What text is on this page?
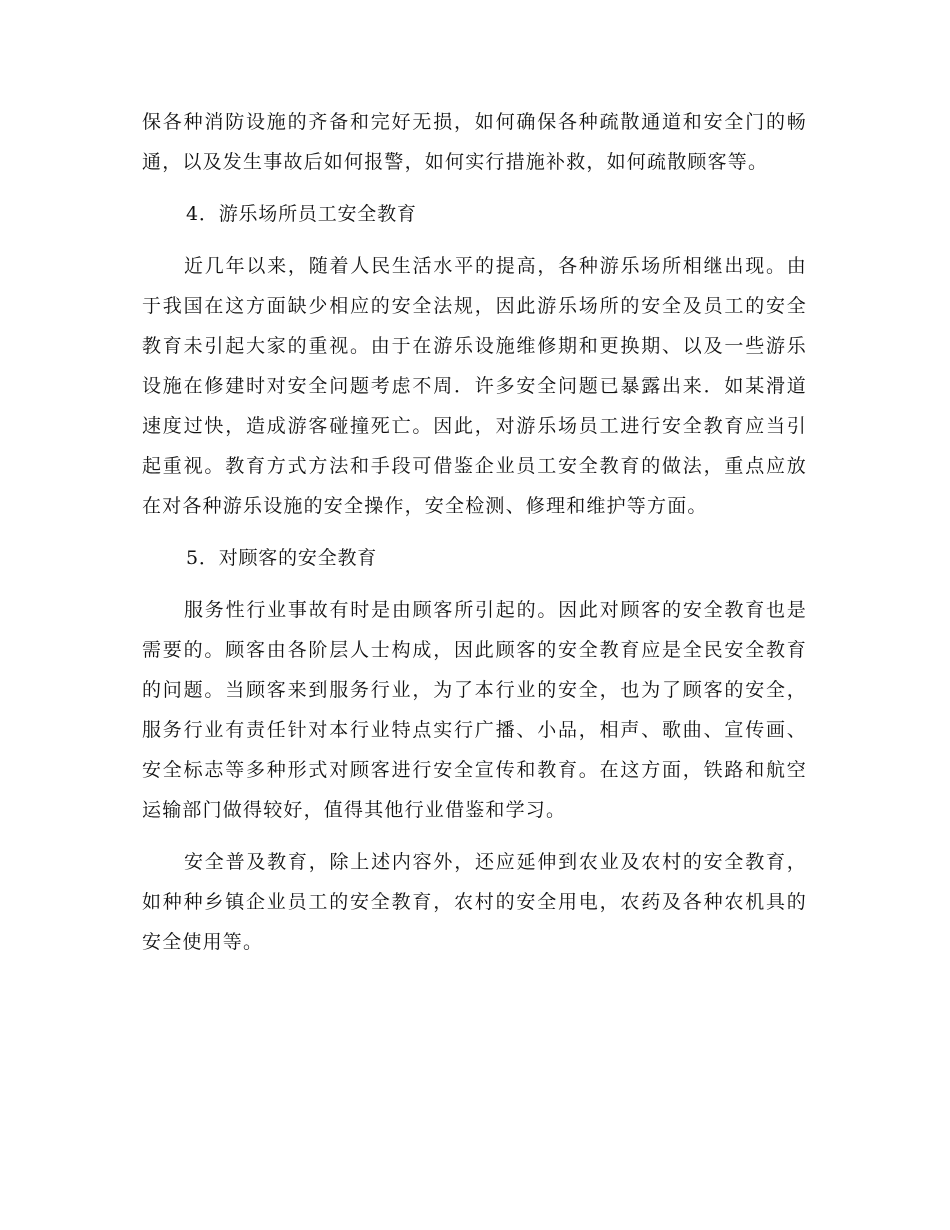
保各种消防设施的齐备和完好无损，如何确保各种疏散通道和安全门的畅通，以及发生事故后如何报警，如何实行措施补救，如何疏散顾客等。

4．游乐场所员工安全教育

近几年以来，随着人民生活水平的提高，各种游乐场所相继出现。由于我国在这方面缺少相应的安全法规，因此游乐场所的安全及员工的安全教育未引起大家的重视。由于在游乐设施维修期和更换期、以及一些游乐设施在修建时对安全问题考虑不周．许多安全问题已暴露出来．如某滑道速度过快，造成游客碰撞死亡。因此，对游乐场员工进行安全教育应当引起重视。教育方式方法和手段可借鉴企业员工安全教育的做法，重点应放在对各种游乐设施的安全操作，安全检测、修理和维护等方面。

5．对顾客的安全教育

服务性行业事故有时是由顾客所引起的。因此对顾客的安全教育也是需要的。顾客由各阶层人士构成，因此顾客的安全教育应是全民安全教育的问题。当顾客来到服务行业，为了本行业的安全，也为了顾客的安全，服务行业有责任针对本行业特点实行广播、小品，相声、歌曲、宣传画、安全标志等多种形式对顾客进行安全宣传和教育。在这方面，铁路和航空运输部门做得较好，值得其他行业借鉴和学习。

安全普及教育，除上述内容外，还应延伸到农业及农村的安全教育，如种种乡镇企业员工的安全教育，农村的安全用电，农药及各种农机具的安全使用等。
